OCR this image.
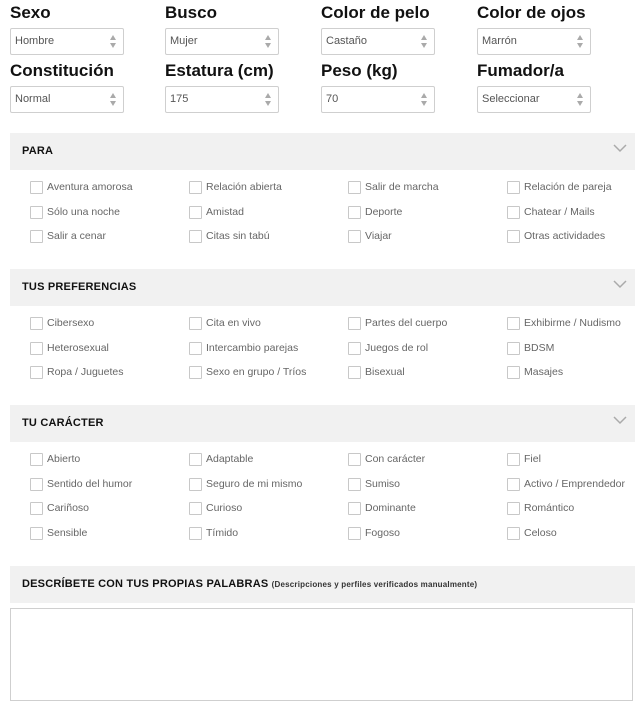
Sexo
Hombre
Busco
Mujer
Color de pelo
Castaño
Color de ojos
Marrón
Constitución
Normal
Estatura (cm)
175
Peso (kg)
70
Fumador/a
Seleccionar
PARA
Aventura amorosa	Relación abierta	Salir de marcha	Relación de pareja
Sólo una noche	Amistad	Deporte	Chatear / Mails
Salir a cenar	Citas sin tabú	Viajar	Otras actividades
TUS PREFERENCIAS
Cibersexo	Cita en vivo	Partes del cuerpo	Exhibirme / Nudismo
Heterosexual	Intercambio parejas	Juegos de rol	BDSM
Ropa / Juguetes	Sexo en grupo / Tríos	Bisexual	Masajes
TU CARÁCTER
Abierto	Adaptable	Con carácter	Fiel
Sentido del humor	Seguro de mi mismo	Sumiso	Activo / Emprendedor
Cariñoso	Curioso	Dominante	Romántico
Sensible	Tímido	Fogoso	Celoso
DESCRÍBETE CON TUS PROPIAS PALABRAS (Descripciones y perfiles verificados manualmente)
